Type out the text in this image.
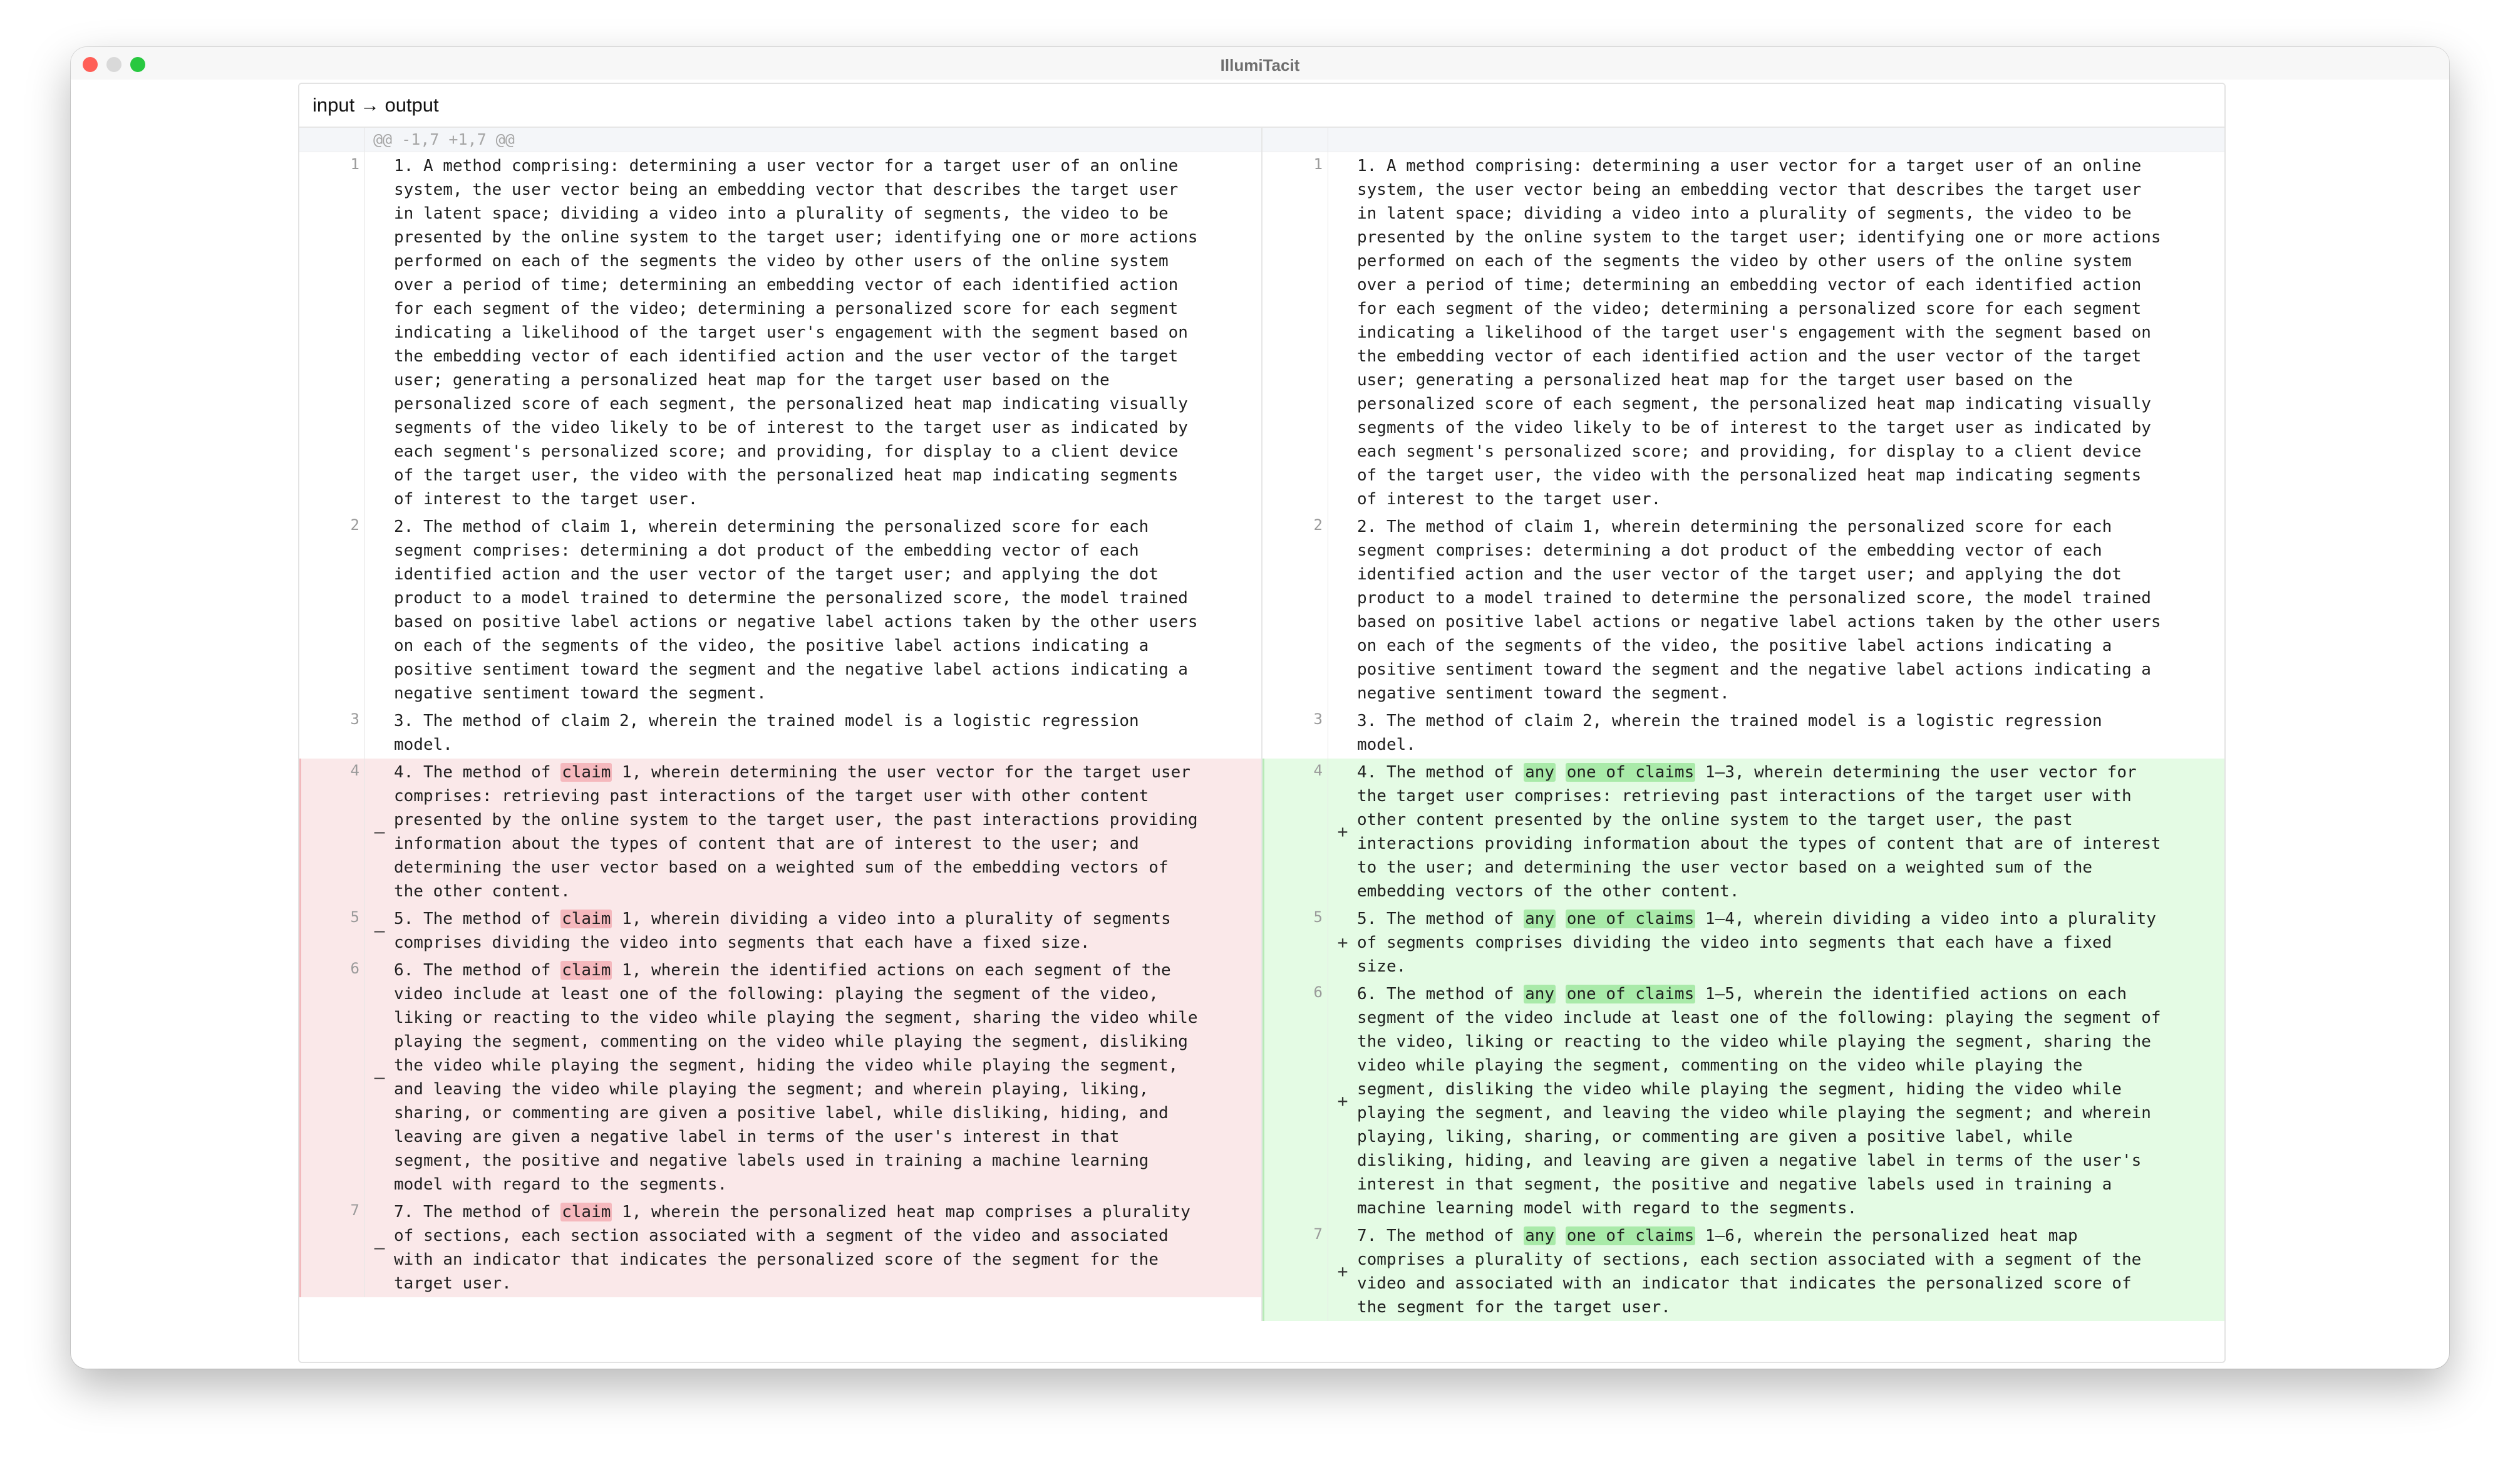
IllumiTacit
input → output
@@ -1,7 +1,7 @@
1	1. A method comprising: determining a user vector for a target user of an online system, the user vector being an embedding vector that describes the target user in latent space; dividing a video into a plurality of segments, the video to be presented by the online system to the target user; identifying one or more actions performed on each of the segments the video by other users of the online system over a period of time; determining an embedding vector of each identified action for each segment of the video; determining a personalized score for each segment indicating a likelihood of the target user's engagement with the segment based on the embedding vector of each identified action and the user vector of the target user; generating a personalized heat map for the target user based on the personalized score of each segment, the personalized heat map indicating visually segments of the video likely to be of interest to the target user as indicated by each segment's personalized score; and providing, for display to a client device of the target user, the video with the personalized heat map indicating segments of interest to the target user.
2	2. The method of claim 1, wherein determining the personalized score for each segment comprises: determining a dot product of the embedding vector of each identified action and the user vector of the target user; and applying the dot product to a model trained to determine the personalized score, the model trained based on positive label actions or negative label actions taken by the other users on each of the segments of the video, the positive label actions indicating a positive sentiment toward the segment and the negative label actions indicating a negative sentiment toward the segment.
3	3. The method of claim 2, wherein the trained model is a logistic regression model.
4
–
4. The method of claim 1, wherein determining the user vector for the target user comprises: retrieving past interactions of the target user with other content presented by the online system to the target user, the past interactions providing information about the types of content that are of interest to the user; and determining the user vector based on a weighted sum of the embedding vectors of the other content.
5
–
5. The method of claim 1, wherein dividing a video into a plurality of segments comprises dividing the video into segments that each have a fixed size.
6
–
6. The method of claim 1, wherein the identified actions on each segment of the video include at least one of the following: playing the segment of the video, liking or reacting to the video while playing the segment, sharing the video while playing the segment, commenting on the video while playing the segment, disliking the video while playing the segment, hiding the video while playing the segment, and leaving the video while playing the segment; and wherein playing, liking, sharing, or commenting are given a positive label, while disliking, hiding, and leaving are given a negative label in terms of the user's interest in that segment, the positive and negative labels used in training a machine learning model with regard to the segments.
7
–
7. The method of claim 1, wherein the personalized heat map comprises a plurality of sections, each section associated with a segment of the video and associated with an indicator that indicates the personalized score of the segment for the target user.
1	1. A method comprising: determining a user vector for a target user of an online system, the user vector being an embedding vector that describes the target user in latent space; dividing a video into a plurality of segments, the video to be presented by the online system to the target user; identifying one or more actions performed on each of the segments the video by other users of the online system over a period of time; determining an embedding vector of each identified action for each segment of the video; determining a personalized score for each segment indicating a likelihood of the target user's engagement with the segment based on the embedding vector of each identified action and the user vector of the target user; generating a personalized heat map for the target user based on the personalized score of each segment, the personalized heat map indicating visually segments of the video likely to be of interest to the target user as indicated by each segment's personalized score; and providing, for display to a client device of the target user, the video with the personalized heat map indicating segments of interest to the target user.
2	2. The method of claim 1, wherein determining the personalized score for each segment comprises: determining a dot product of the embedding vector of each identified action and the user vector of the target user; and applying the dot product to a model trained to determine the personalized score, the model trained based on positive label actions or negative label actions taken by the other users on each of the segments of the video, the positive label actions indicating a positive sentiment toward the segment and the negative label actions indicating a negative sentiment toward the segment.
3	3. The method of claim 2, wherein the trained model is a logistic regression model.
4
+
4. The method of any one of claims 1–3, wherein determining the user vector for the target user comprises: retrieving past interactions of the target user with other content presented by the online system to the target user, the past interactions providing information about the types of content that are of interest to the user; and determining the user vector based on a weighted sum of the embedding vectors of the other content.
5
+
5. The method of any one of claims 1–4, wherein dividing a video into a plurality of segments comprises dividing the video into segments that each have a fixed size.
6
+
6. The method of any one of claims 1–5, wherein the identified actions on each segment of the video include at least one of the following: playing the segment of the video, liking or reacting to the video while playing the segment, sharing the video while playing the segment, commenting on the video while playing the segment, disliking the video while playing the segment, hiding the video while playing the segment, and leaving the video while playing the segment; and wherein playing, liking, sharing, or commenting are given a positive label, while disliking, hiding, and leaving are given a negative label in terms of the user's interest in that segment, the positive and negative labels used in training a machine learning model with regard to the segments.
7
+
7. The method of any one of claims 1–6, wherein the personalized heat map comprises a plurality of sections, each section associated with a segment of the video and associated with an indicator that indicates the personalized score of the segment for the target user.
